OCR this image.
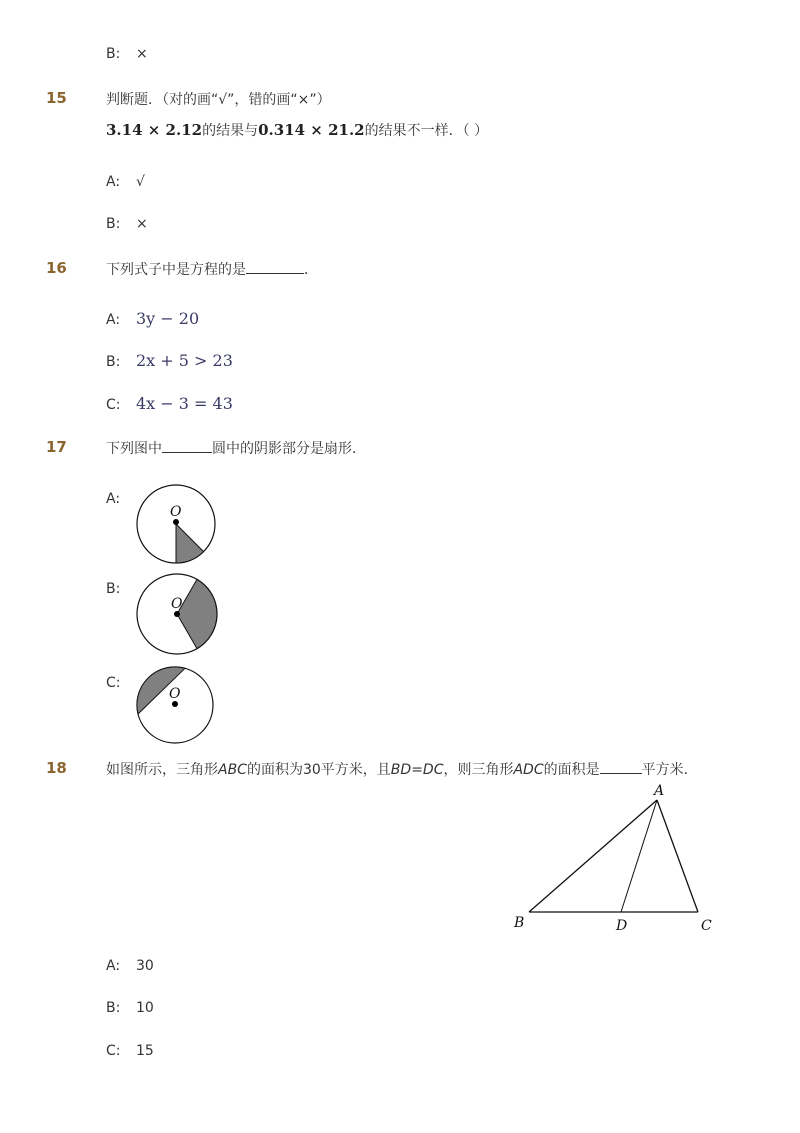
B: ×
15	判断题．（对的画“√”，错的画“×”）
3.14 × 2.12的结果与0.314 × 21.2的结果不一样．（ ）
A: √
B: ×
16	下列式子中是方程的是	．
A: 3y − 20
B: 2x + 5 > 23
C: 4x − 3 = 43
17	下列图中	圆中的阴影部分是扇形．
A:
O
B:
O
C:
O
18	如图所示，三角形ABC的面积为30平方米，且BD=DC，则三角形ADC的面积是	平方米．
A
B	D	C
A: 30
B: 10
C: 15
